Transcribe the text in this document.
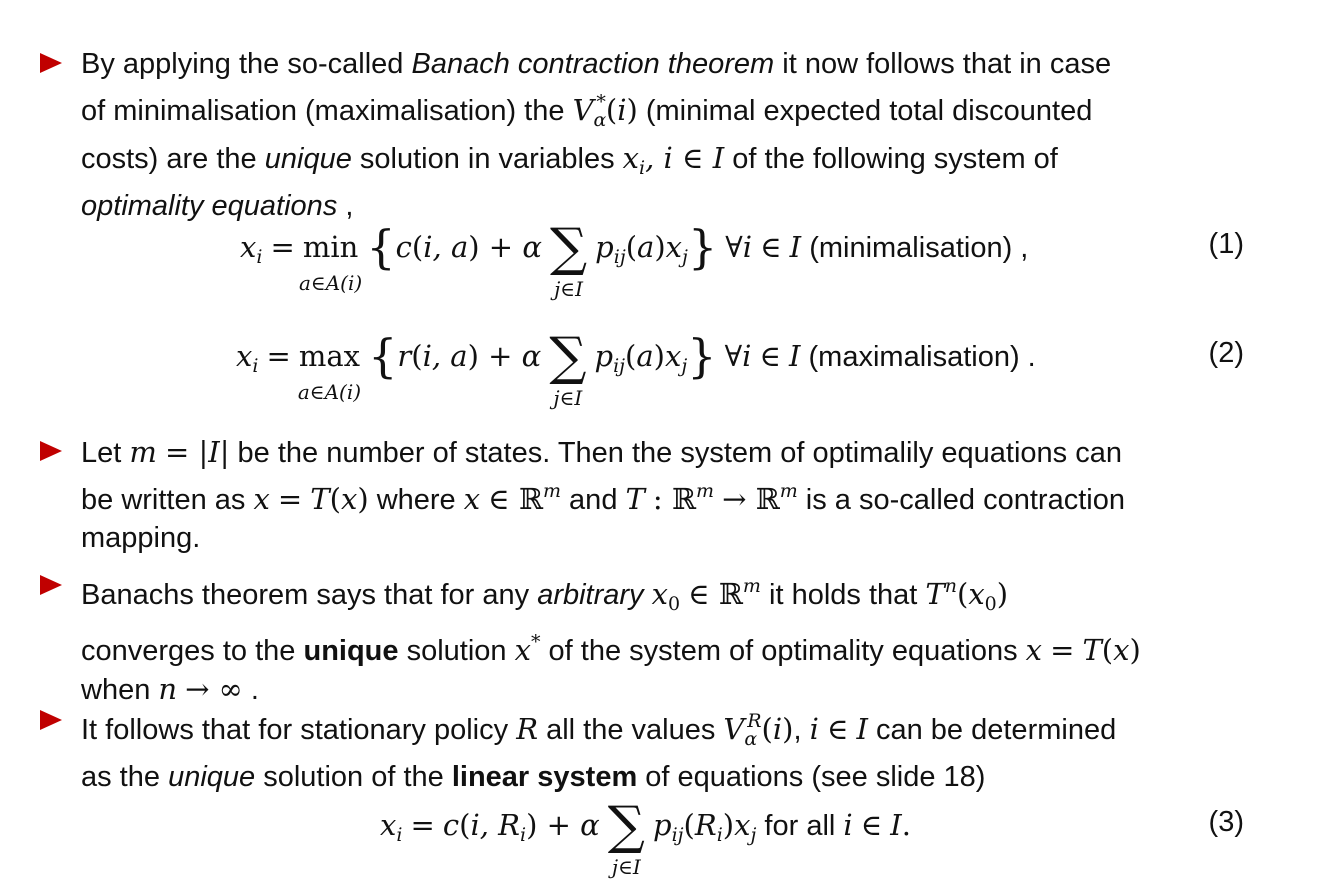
By applying the so-called Banach contraction theorem it now follows that in case
of minimalisation (maximalisation) the $V_\alpha^*(i)$ (minimal expected total discounted
costs) are the unique solution in variables $x_i$, i ∈ I of the following system of
optimality equations ,
$x_i = \min$
a∈A(i)
{c(i, a) + α ∑
j∈I
$p_{ij}(a)x_j$} ∀i ∈ I (minimalisation) ,	(1)
$x_i = \max$
a∈A(i)
{r(i, a) + α ∑
j∈I
$p_{ij}(a)x_j$} ∀i ∈ I (maximalisation) .	(2)
Let m = |I| be the number of states. Then the system of optimalily equations can
be written as x = T(x) where x ∈ ℝ$^m$ and T : ℝ$^m$ → ℝ$^m$ is a so-called contraction
mapping.
Banachs theorem says that for any arbitrary $x_0$ ∈ ℝ$^m$ it holds that $T^n(x_0)$
converges to the unique solution x* of the system of optimality equations x = T(x)
when n → ∞ .
It follows that for stationary policy R all the values $V_\alpha^R(i)$, i ∈ I can be determined
as the unique solution of the linear system of equations (see slide 18)
$x_i = c(i$, $R_i) + \alpha$ ∑
j∈I
$p_{ij}(R_i)x_j$ for all i ∈ I.	(3)
